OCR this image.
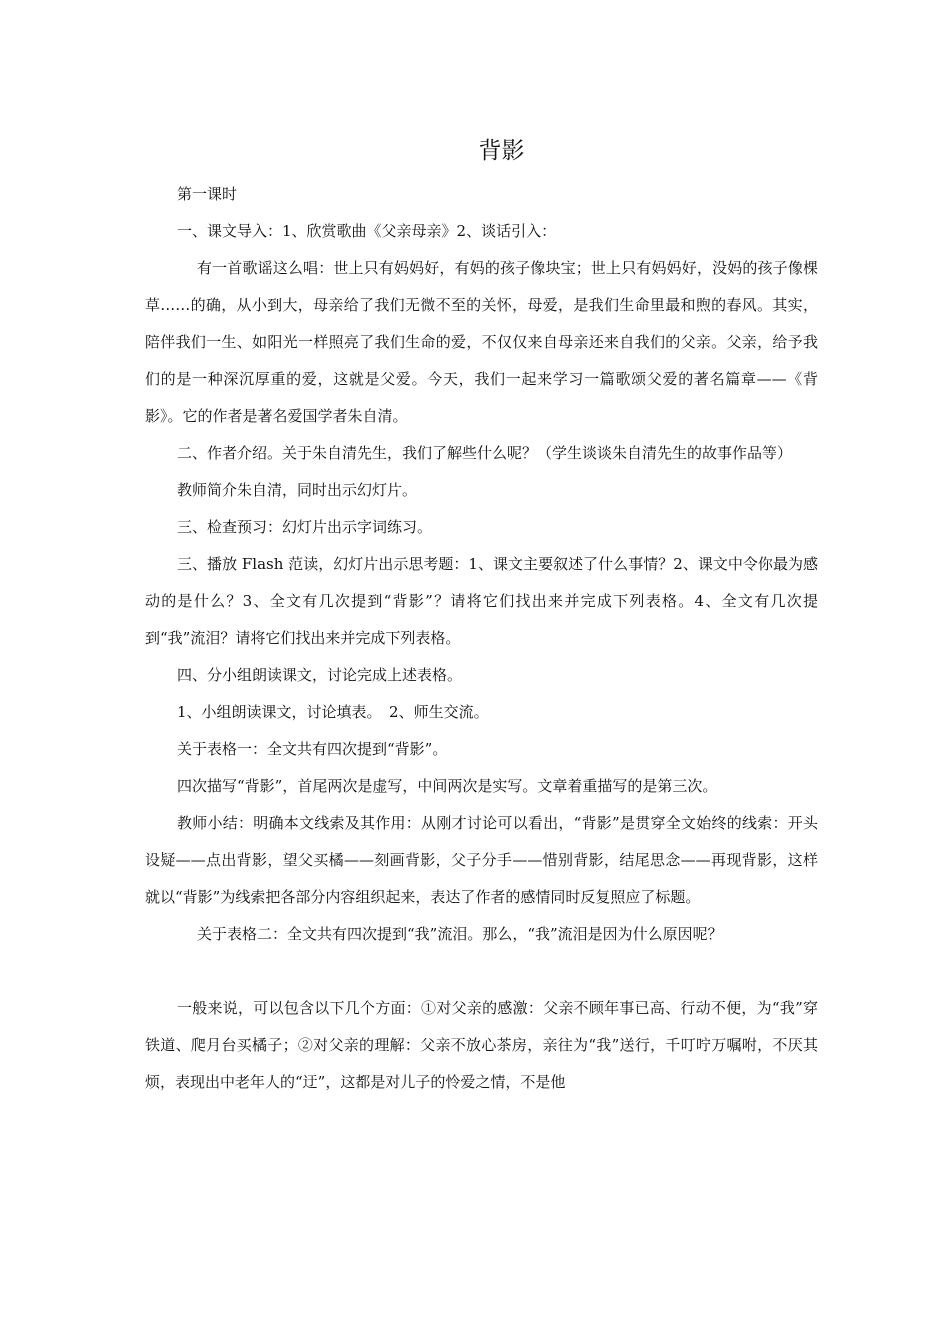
背影

第一课时

一、课文导入：1、欣赏歌曲《父亲母亲》2、谈话引入：

有一首歌谣这么唱：世上只有妈妈好，有妈的孩子像块宝；世上只有妈妈好，没妈的孩子像棵草……的确，从小到大，母亲给了我们无微不至的关怀，母爱，是我们生命里最和煦的春风。其实，陪伴我们一生、如阳光一样照亮了我们生命的爱，不仅仅来自母亲还来自我们的父亲。父亲，给予我们的是一种深沉厚重的爱，这就是父爱。今天，我们一起来学习一篇歌颂父爱的著名篇章——《背影》。它的作者是著名爱国学者朱自清。

二、作者介绍。关于朱自清先生，我们了解些什么呢？（学生谈谈朱自清先生的故事作品等）

教师简介朱自清，同时出示幻灯片。

三、检查预习：幻灯片出示字词练习。

三、播放 Flash 范读，幻灯片出示思考题：1、课文主要叙述了什么事情？2、课文中令你最为感动的是什么？3、全文有几次提到“背影”？请将它们找出来并完成下列表格。4、全文有几次提到“我”流泪？请将它们找出来并完成下列表格。

四、分小组朗读课文，讨论完成上述表格。

1、小组朗读课文，讨论填表。　2、师生交流。

关于表格一：全文共有四次提到“背影”。

四次描写“背影”，首尾两次是虚写，中间两次是实写。文章着重描写的是第三次。

教师小结：明确本文线索及其作用：从刚才讨论可以看出，“背影”是贯穿全文始终的线索：开头设疑——点出背影，望父买橘——刻画背影，父子分手——惜别背影，结尾思念——再现背影，这样就以“背影”为线索把各部分内容组织起来，表达了作者的感情同时反复照应了标题。

关于表格二：全文共有四次提到“我”流泪。那么，“我”流泪是因为什么原因呢？

一般来说，可以包含以下几个方面：①对父亲的感激：父亲不顾年事已高、行动不便，为“我”穿铁道、爬月台买橘子；②对父亲的理解：父亲不放心茶房，亲往为“我”送行，千叮咛万嘱咐，不厌其烦，表现出中老年人的“迂”，这都是对儿子的怜爱之情，不是他
